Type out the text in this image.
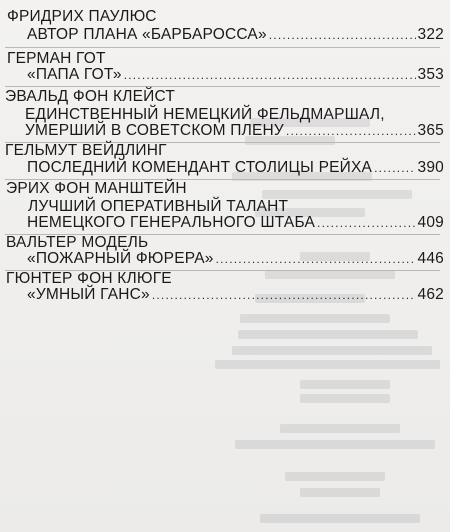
ФРИДРИХ ПАУЛЮС
АВТОР ПЛАНА «БАРБАРОССА» .....	322
ГЕРМАН ГОТ
«ПАПА ГОТ» .....	353
ЭВАЛЬД ФОН КЛЕЙСТ
ЕДИНСТВЕННЫЙ НЕМЕЦКИЙ ФЕЛЬДМАРШАЛ,
УМЕРШИЙ В СОВЕТСКОМ ПЛЕНУ .....	365
ГЕЛЬМУТ ВЕЙДЛИНГ
ПОСЛЕДНИЙ КОМЕНДАНТ СТОЛИЦЫ РЕЙХА .....	390
ЭРИХ ФОН МАНШТЕЙН
ЛУЧШИЙ ОПЕРАТИВНЫЙ ТАЛАНТ
НЕМЕЦКОГО ГЕНЕРАЛЬНОГО ШТАБА .....	409
ВАЛЬТЕР МОДЕЛЬ
«ПОЖАРНЫЙ ФЮРЕРА» .....	446
ГЮНТЕР ФОН КЛЮГЕ
«УМНЫЙ ГАНС» .....	462
